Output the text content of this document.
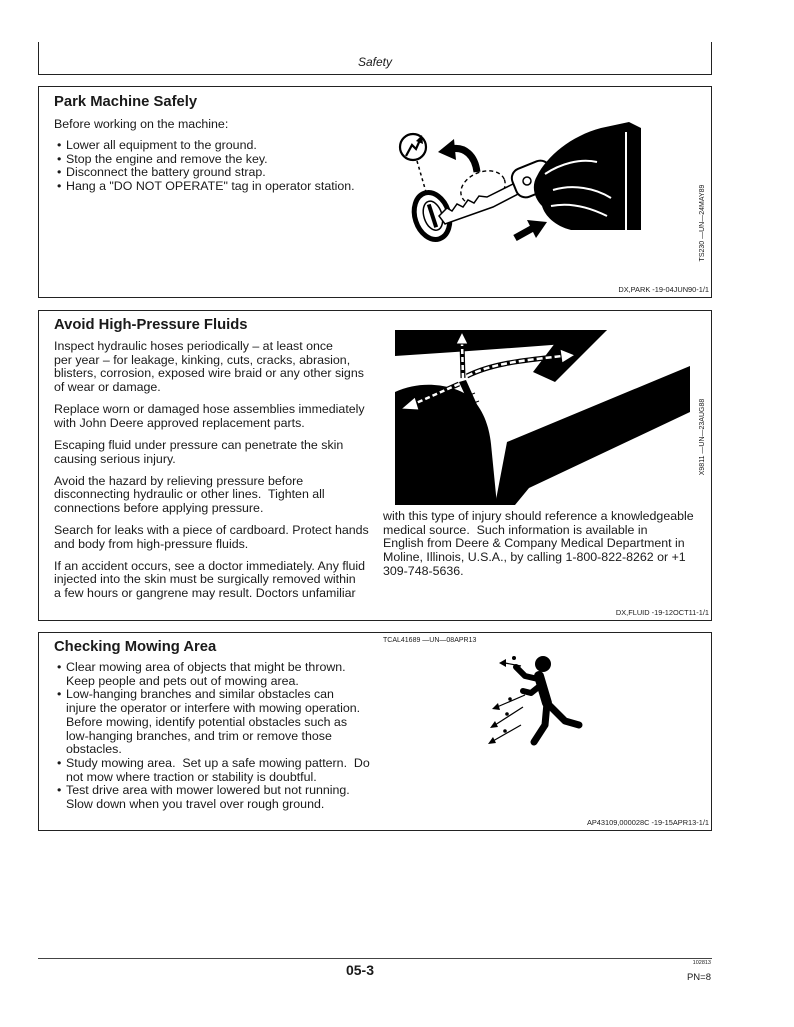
Safety
Park Machine Safely

Before working on the machine:

• Lower all equipment to the ground.
• Stop the engine and remove the key.
• Disconnect the battery ground strap.
• Hang a "DO NOT OPERATE" tag in operator station.	TS230 —UN—24MAY89
DX,PARK -19-04JUN90-1/1
Avoid High-Pressure Fluids

Inspect hydraulic hoses periodically – at least once
per year – for leakage, kinking, cuts, cracks, abrasion,
blisters, corrosion, exposed wire braid or any other signs
of wear or damage.

Replace worn or damaged hose assemblies immediately
with John Deere approved replacement parts.

Escaping fluid under pressure can penetrate the skin
causing serious injury.

Avoid the hazard by relieving pressure before
disconnecting hydraulic or other lines.  Tighten all
connections before applying pressure.

Search for leaks with a piece of cardboard. Protect hands
and body from high-pressure fluids.

If an accident occurs, see a doctor immediately. Any fluid
injected into the skin must be surgically removed within
a few hours or gangrene may result. Doctors unfamiliar

with this type of injury should reference a knowledgeable
medical source.  Such information is available in
English from Deere & Company Medical Department in
Moline, Illinois, U.S.A., by calling 1-800-822-8262 or +1
309-748-5636.

X9811 —UN—23AUG88
DX,FLUID -19-12OCT11-1/1
Checking Mowing Area	TCAL41689 —UN—08APR13
• Clear mowing area of objects that might be thrown.
Keep people and pets out of mowing area.
• Low-hanging branches and similar obstacles can
injure the operator or interfere with mowing operation.
Before mowing, identify potential obstacles such as
low-hanging branches, and trim or remove those
obstacles.
• Study mowing area.  Set up a safe mowing pattern.  Do
not mow where traction or stability is doubtful.
• Test drive area with mower lowered but not running.
Slow down when you travel over rough ground.
AP43109,000028C -19-15APR13-1/1
05-3	102813
PN=8
